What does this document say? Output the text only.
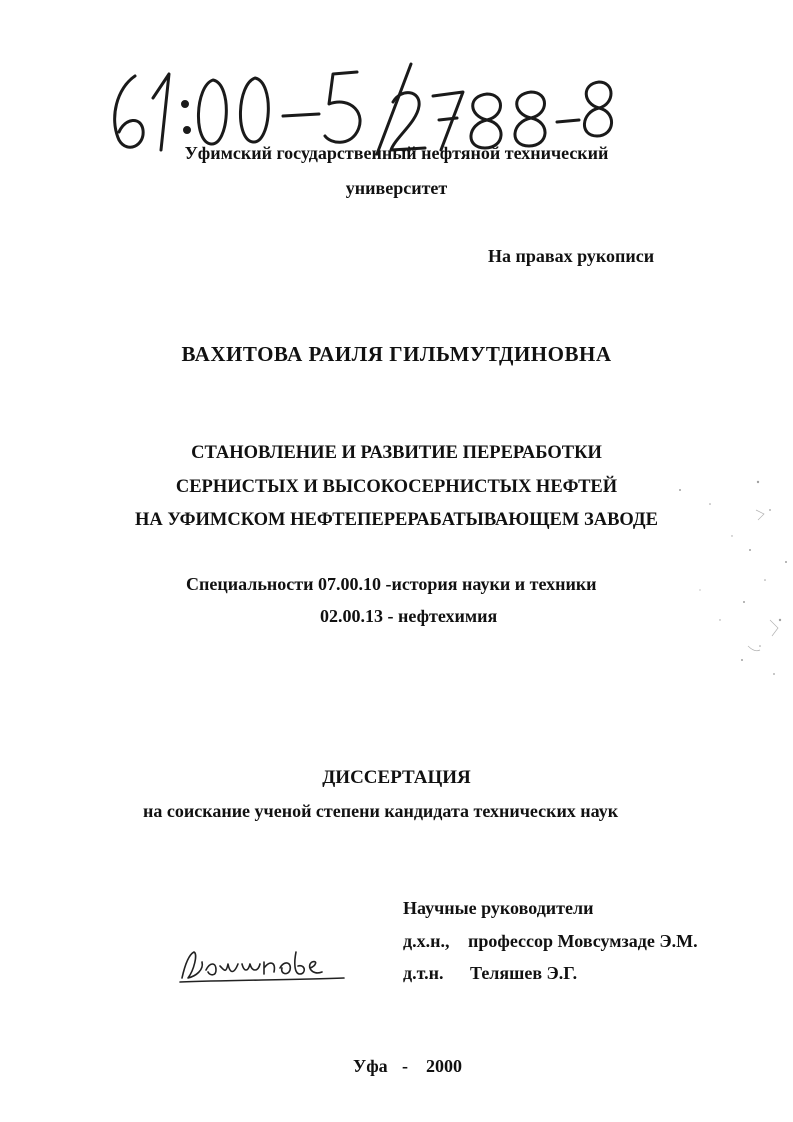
Уфимский государственный нефтяной технический
университет
На правах рукописи
ВАХИТОВА РАИЛЯ ГИЛЬМУТДИНОВНА
СТАНОВЛЕНИЕ И РАЗВИТИЕ ПЕРЕРАБОТКИ
СЕРНИСТЫХ И ВЫСОКОСЕРНИСТЫХ НЕФТЕЙ
НА УФИМСКОМ НЕФТЕПЕРЕРАБАТЫВАЮЩЕМ ЗАВОДЕ
Специальности 07.00.10 -история науки и техники
02.00.13 - нефтехимия
ДИССЕРТАЦИЯ
на соискание ученой степени кандидата технических наук
Научные руководители
д.х.н., профессор Мовсумзаде Э.М.
д.т.н. Теляшев Э.Г.
Уфа - 2000
